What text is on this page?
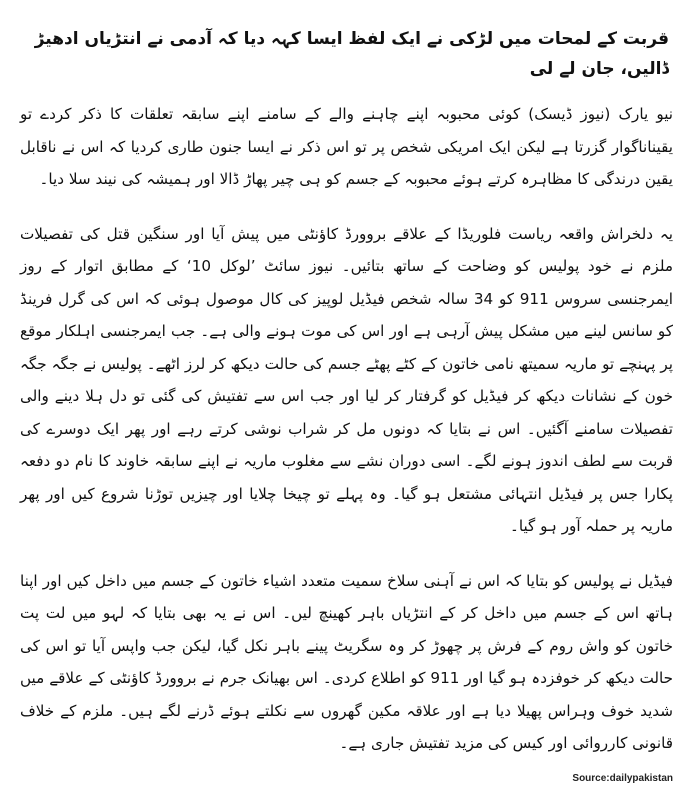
قربت کے لمحات میں لڑکی نے ایک لفظ ایسا کہہ دیا کہ آدمی نے انتڑیاں ادھیڑ ڈالیں، جان لے لی

نیو یارک (نیوز ڈیسک) کوئی محبوبہ اپنے چاہنے والے کے سامنے اپنے سابقہ تعلقات کا ذکر کردے تو یقیناناگوار گزرتا ہے لیکن ایک امریکی شخص پر تو اس ذکر نے ایسا جنون طاری کردیا کہ اس نے ناقابل یقین درندگی کا مظاہرہ کرتے ہوئے محبوبہ کے جسم کو ہی چیر پھاڑ ڈالا اور ہمیشہ کی نیند سلا دیا۔

یہ دلخراش واقعہ ریاست فلوریڈا کے علاقے بروورڈ کاؤنٹی میں پیش آیا اور سنگین قتل کی تفصیلات ملزم نے خود پولیس کو وضاحت کے ساتھ بتائیں۔ نیوز سائٹ ’لوکل 10‘ کے مطابق اتوار کے روز ایمرجنسی سروس 911 کو 34 سالہ شخص فیڈیل لوپیز کی کال موصول ہوئی کہ اس کی گرل فرینڈ کو سانس لینے میں مشکل پیش آرہی ہے اور اس کی موت ہونے والی ہے۔ جب ایمرجنسی اہلکار موقع پر پہنچے تو ماریہ سمیتھ نامی خاتون کے کٹے پھٹے جسم کی حالت دیکھ کر لرز اٹھے۔ پولیس نے جگہ جگہ خون کے نشانات دیکھ کر فیڈیل کو گرفتار کر لیا اور جب اس سے تفتیش کی گئی تو دل ہلا دینے والی تفصیلات سامنے آگئیں۔ اس نے بتایا کہ دونوں مل کر شراب نوشی کرتے رہے اور پھر ایک دوسرے کی قربت سے لطف اندوز ہونے لگے۔ اسی دوران نشے سے مغلوب ماریہ نے اپنے سابقہ خاوند کا نام دو دفعہ پکارا جس پر فیڈیل انتہائی مشتعل ہو گیا۔ وہ پہلے تو چیخا چلایا اور چیزیں توڑنا شروع کیں اور پھر ماریہ پر حملہ آور ہو گیا۔

فیڈیل نے پولیس کو بتایا کہ اس نے آہنی سلاخ سمیت متعدد اشیاء خاتون کے جسم میں داخل کیں اور اپنا ہاتھ اس کے جسم میں داخل کر کے انتڑیاں باہر کھینچ لیں۔ اس نے یہ بھی بتایا کہ لہو میں لت پت خاتون کو واش روم کے فرش پر چھوڑ کر وہ سگریٹ پینے باہر نکل گیا، لیکن جب واپس آیا تو اس کی حالت دیکھ کر خوفزدہ ہو گیا اور 911 کو اطلاع کردی۔ اس بھیانک جرم نے بروورڈ کاؤنٹی کے علاقے میں شدید خوف وہراس پھیلا دیا ہے اور علاقہ مکین گھروں سے نکلتے ہوئے ڈرنے لگے ہیں۔ ملزم کے خلاف قانونی کارروائی اور کیس کی مزید تفتیش جاری ہے۔

Source:dailypakistan
